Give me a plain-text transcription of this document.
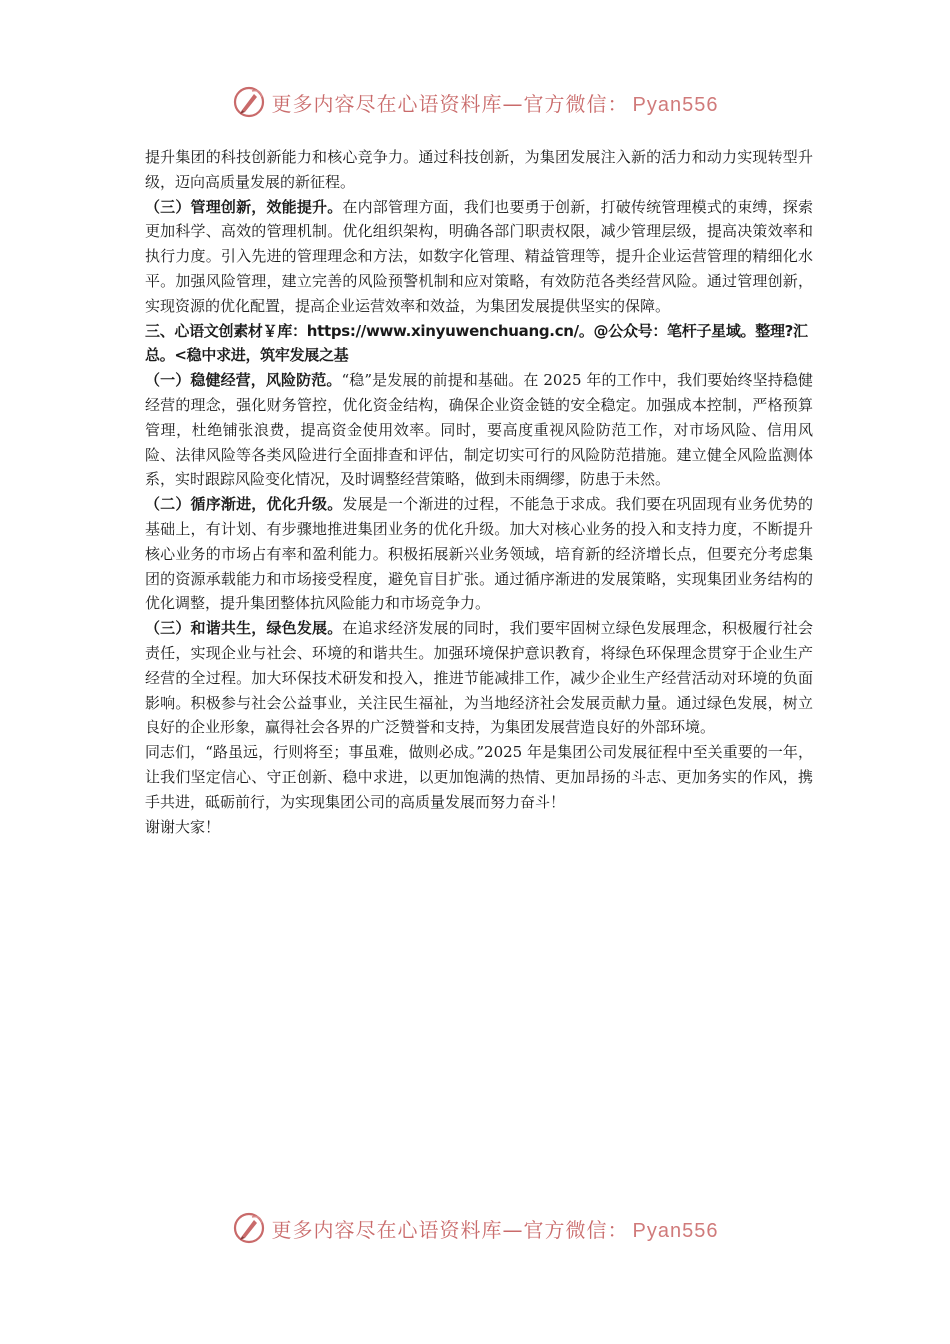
更多内容尽在心语资料库—官方微信： Pyan556

提升集团的科技创新能力和核心竞争力。通过科技创新，为集团发展注入新的活力和动力实现转型升级，迈向高质量发展的新征程。

（三）管理创新，效能提升。在内部管理方面，我们也要勇于创新，打破传统管理模式的束缚，探索更加科学、高效的管理机制。优化组织架构，明确各部门职责权限，减少管理层级，提高决策效率和执行力度。引入先进的管理理念和方法，如数字化管理、精益管理等，提升企业运营管理的精细化水平。加强风险管理，建立完善的风险预警机制和应对策略，有效防范各类经营风险。通过管理创新，实现资源的优化配置，提高企业运营效率和效益，为集团发展提供坚实的保障。

三、心语文创素材￥库：https://www.xinyuwenchuang.cn/。@公众号：笔杆子星域。整理?汇总。<稳中求进，筑牢发展之基

（一）稳健经营，风险防范。“稳”是发展的前提和基础。在 2025 年的工作中，我们要始终坚持稳健经营的理念，强化财务管控，优化资金结构，确保企业资金链的安全稳定。加强成本控制，严格预算管理，杜绝铺张浪费，提高资金使用效率。同时，要高度重视风险防范工作，对市场风险、信用风险、法律风险等各类风险进行全面排查和评估，制定切实可行的风险防范措施。建立健全风险监测体系，实时跟踪风险变化情况，及时调整经营策略，做到未雨绸缪，防患于未然。

（二）循序渐进，优化升级。发展是一个渐进的过程，不能急于求成。我们要在巩固现有业务优势的基础上，有计划、有步骤地推进集团业务的优化升级。加大对核心业务的投入和支持力度，不断提升核心业务的市场占有率和盈利能力。积极拓展新兴业务领域，培育新的经济增长点，但要充分考虑集团的资源承载能力和市场接受程度，避免盲目扩张。通过循序渐进的发展策略，实现集团业务结构的优化调整，提升集团整体抗风险能力和市场竞争力。

（三）和谐共生，绿色发展。在追求经济发展的同时，我们要牢固树立绿色发展理念，积极履行社会责任，实现企业与社会、环境的和谐共生。加强环境保护意识教育，将绿色环保理念贯穿于企业生产经营的全过程。加大环保技术研发和投入，推进节能减排工作，减少企业生产经营活动对环境的负面影响。积极参与社会公益事业，关注民生福祉，为当地经济社会发展贡献力量。通过绿色发展，树立良好的企业形象，赢得社会各界的广泛赞誉和支持，为集团发展营造良好的外部环境。

同志们，“路虽远，行则将至；事虽难，做则必成。”2025 年是集团公司发展征程中至关重要的一年，让我们坚定信心、守正创新、稳中求进，以更加饱满的热情、更加昂扬的斗志、更加务实的作风，携手共进，砥砺前行，为实现集团公司的高质量发展而努力奋斗！

谢谢大家！

更多内容尽在心语资料库—官方微信： Pyan556
